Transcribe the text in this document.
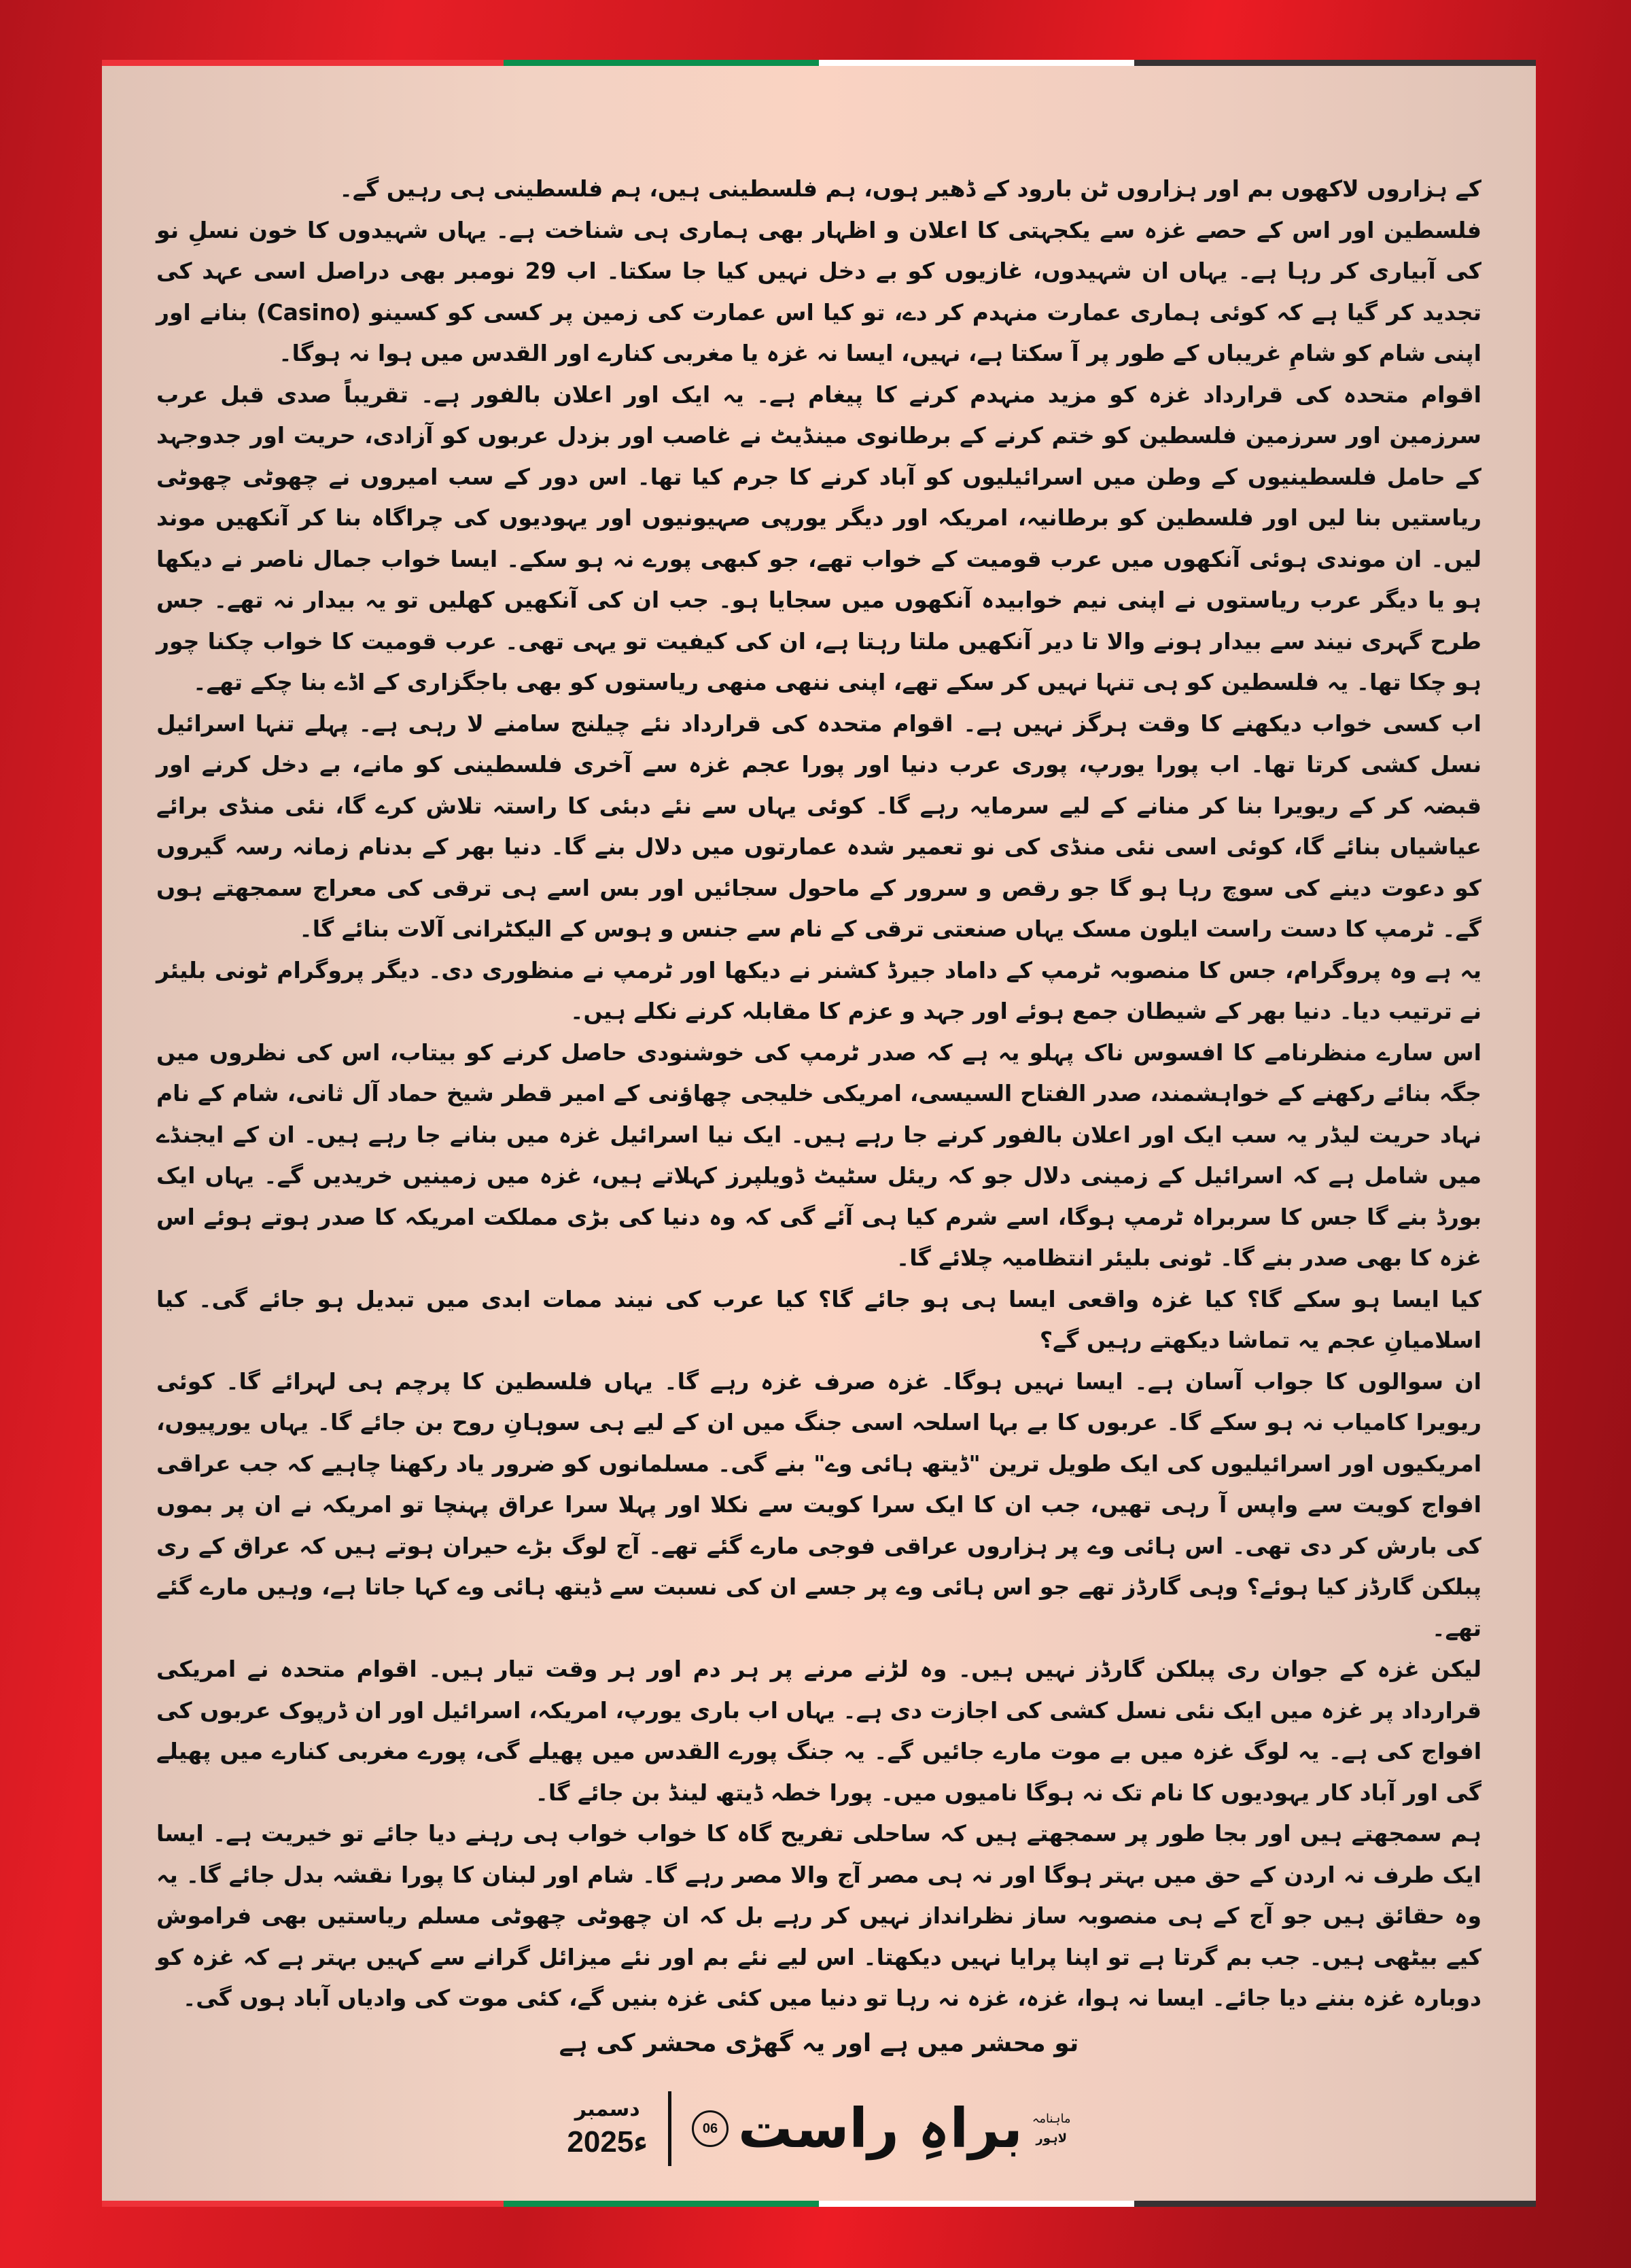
کے ہزاروں لاکھوں بم اور ہزاروں ٹن بارود کے ڈھیر ہوں، ہم فلسطینی ہیں، ہم فلسطینی ہی رہیں گے۔

فلسطین اور اس کے حصے غزہ سے یکجہتی کا اعلان و اظہار بھی ہماری ہی شناخت ہے۔ یہاں شہیدوں کا خون نسلِ نو کی آبیاری کر رہا ہے۔ یہاں ان شہیدوں، غازیوں کو بے دخل نہیں کیا جا سکتا۔ اب 29 نومبر بھی دراصل اسی عہد کی تجدید کر گیا ہے کہ کوئی ہماری عمارت منہدم کر دے، تو کیا اس عمارت کی زمین پر کسی کو کسینو (Casino) بنانے اور اپنی شام کو شامِ غریباں کے طور پر آ سکتا ہے، نہیں، ایسا نہ غزہ یا مغربی کنارے اور القدس میں ہوا نہ ہوگا۔

اقوام متحدہ کی قرارداد غزہ کو مزید منہدم کرنے کا پیغام ہے۔ یہ ایک اور اعلان بالفور ہے۔ تقریباً صدی قبل عرب سرزمین اور سرزمین فلسطین کو ختم کرنے کے برطانوی مینڈیٹ نے غاصب اور بزدل عربوں کو آزادی، حریت اور جدوجہد کے حامل فلسطینیوں کے وطن میں اسرائیلیوں کو آباد کرنے کا جرم کیا تھا۔ اس دور کے سب امیروں نے چھوٹی چھوٹی ریاستیں بنا لیں اور فلسطین کو برطانیہ، امریکہ اور دیگر یورپی صہیونیوں اور یہودیوں کی چراگاہ بنا کر آنکھیں موند لیں۔ ان موندی ہوئی آنکھوں میں عرب قومیت کے خواب تھے، جو کبھی پورے نہ ہو سکے۔ ایسا خواب جمال ناصر نے دیکھا ہو یا دیگر عرب ریاستوں نے اپنی نیم خوابیدہ آنکھوں میں سجایا ہو۔ جب ان کی آنکھیں کھلیں تو یہ بیدار نہ تھے۔ جس طرح گہری نیند سے بیدار ہونے والا تا دیر آنکھیں ملتا رہتا ہے، ان کی کیفیت تو یہی تھی۔ عرب قومیت کا خواب چکنا چور ہو چکا تھا۔ یہ فلسطین کو ہی تنہا نہیں کر سکے تھے، اپنی ننھی منھی ریاستوں کو بھی باجگزاری کے اڈے بنا چکے تھے۔

اب کسی خواب دیکھنے کا وقت ہرگز نہیں ہے۔ اقوام متحدہ کی قرارداد نئے چیلنج سامنے لا رہی ہے۔ پہلے تنہا اسرائیل نسل کشی کرتا تھا۔ اب پورا یورپ، پوری عرب دنیا اور پورا عجم غزہ سے آخری فلسطینی کو مانے، بے دخل کرنے اور قبضہ کر کے ریویرا بنا کر منانے کے لیے سرمایہ رہے گا۔ کوئی یہاں سے نئے دبئی کا راستہ تلاش کرے گا، نئی منڈی برائے عیاشیاں بنائے گا، کوئی اسی نئی منڈی کی نو تعمیر شدہ عمارتوں میں دلال بنے گا۔ دنیا بھر کے بدنام زمانہ رسہ گیروں کو دعوت دینے کی سوچ رہا ہو گا جو رقص و سرور کے ماحول سجائیں اور بس اسے ہی ترقی کی معراج سمجھتے ہوں گے۔ ٹرمپ کا دست راست ایلون مسک یہاں صنعتی ترقی کے نام سے جنس و ہوس کے الیکٹرانی آلات بنائے گا۔

یہ ہے وہ پروگرام، جس کا منصوبہ ٹرمپ کے داماد جیرڈ کشنر نے دیکھا اور ٹرمپ نے منظوری دی۔ دیگر پروگرام ٹونی بلیئر نے ترتیب دیا۔ دنیا بھر کے شیطان جمع ہوئے اور جہد و عزم کا مقابلہ کرنے نکلے ہیں۔

اس سارے منظرنامے کا افسوس ناک پہلو یہ ہے کہ صدر ٹرمپ کی خوشنودی حاصل کرنے کو بیتاب، اس کی نظروں میں جگہ بنائے رکھنے کے خواہشمند، صدر الفتاح السیسی، امریکی خلیجی چھاؤنی کے امیر قطر شیخ حماد آل ثانی، شام کے نام نہاد حریت لیڈر یہ سب ایک اور اعلان بالفور کرنے جا رہے ہیں۔ ایک نیا اسرائیل غزہ میں بنانے جا رہے ہیں۔ ان کے ایجنڈے میں شامل ہے کہ اسرائیل کے زمینی دلال جو کہ ریئل سٹیٹ ڈویلپرز کہلاتے ہیں، غزہ میں زمینیں خریدیں گے۔ یہاں ایک بورڈ بنے گا جس کا سربراہ ٹرمپ ہوگا، اسے شرم کیا ہی آئے گی کہ وہ دنیا کی بڑی مملکت امریکہ کا صدر ہوتے ہوئے اس غزہ کا بھی صدر بنے گا۔ ٹونی بلیئر انتظامیہ چلائے گا۔

کیا ایسا ہو سکے گا؟ کیا غزہ واقعی ایسا ہی ہو جائے گا؟ کیا عرب کی نیند ممات ابدی میں تبدیل ہو جائے گی۔ کیا اسلامیانِ عجم یہ تماشا دیکھتے رہیں گے؟

ان سوالوں کا جواب آسان ہے۔ ایسا نہیں ہوگا۔ غزہ صرف غزہ رہے گا۔ یہاں فلسطین کا پرچم ہی لہرائے گا۔ کوئی ریویرا کامیاب نہ ہو سکے گا۔ عربوں کا بے بہا اسلحہ اسی جنگ میں ان کے لیے ہی سوہانِ روح بن جائے گا۔ یہاں یورپیوں، امریکیوں اور اسرائیلیوں کی ایک طویل ترین "ڈیتھ ہائی وے" بنے گی۔ مسلمانوں کو ضرور یاد رکھنا چاہیے کہ جب عراقی افواج کویت سے واپس آ رہی تھیں، جب ان کا ایک سرا کویت سے نکلا اور پہلا سرا عراق پہنچا تو امریکہ نے ان پر بموں کی بارش کر دی تھی۔ اس ہائی وے پر ہزاروں عراقی فوجی مارے گئے تھے۔ آج لوگ بڑے حیران ہوتے ہیں کہ عراق کے ری پبلکن گارڈز کیا ہوئے؟ وہی گارڈز تھے جو اس ہائی وے پر جسے ان کی نسبت سے ڈیتھ ہائی وے کہا جاتا ہے، وہیں مارے گئے تھے۔

لیکن غزہ کے جوان ری پبلکن گارڈز نہیں ہیں۔ وہ لڑنے مرنے پر ہر دم اور ہر وقت تیار ہیں۔ اقوام متحدہ نے امریکی قرارداد پر غزہ میں ایک نئی نسل کشی کی اجازت دی ہے۔ یہاں اب باری یورپ، امریکہ، اسرائیل اور ان ڈرپوک عربوں کی افواج کی ہے۔ یہ لوگ غزہ میں بے موت مارے جائیں گے۔ یہ جنگ پورے القدس میں پھیلے گی، پورے مغربی کنارے میں پھیلے گی اور آباد کار یہودیوں کا نام تک نہ ہوگا نامیوں میں۔ پورا خطہ ڈیتھ لینڈ بن جائے گا۔

ہم سمجھتے ہیں اور بجا طور پر سمجھتے ہیں کہ ساحلی تفریح گاہ کا خواب خواب ہی رہنے دیا جائے تو خیریت ہے۔ ایسا ایک طرف نہ اردن کے حق میں بہتر ہوگا اور نہ ہی مصر آج والا مصر رہے گا۔ شام اور لبنان کا پورا نقشہ بدل جائے گا۔ یہ وہ حقائق ہیں جو آج کے ہی منصوبہ ساز نظرانداز نہیں کر رہے بل کہ ان چھوٹی چھوٹی مسلم ریاستیں بھی فراموش کیے بیٹھی ہیں۔ جب بم گرتا ہے تو اپنا پرایا نہیں دیکھتا۔ اس لیے نئے بم اور نئے میزائل گرانے سے کہیں بہتر ہے کہ غزہ کو دوبارہ غزہ بننے دیا جائے۔ ایسا نہ ہوا، غزہ، غزہ نہ رہا تو دنیا میں کئی غزہ بنیں گے، کئی موت کی وادیاں آباد ہوں گی۔

تو محشر میں ہے اور یہ گھڑی محشر کی ہے

دسمبر
2025ء	06 براہِ راست ماہنامہ
لاہور
